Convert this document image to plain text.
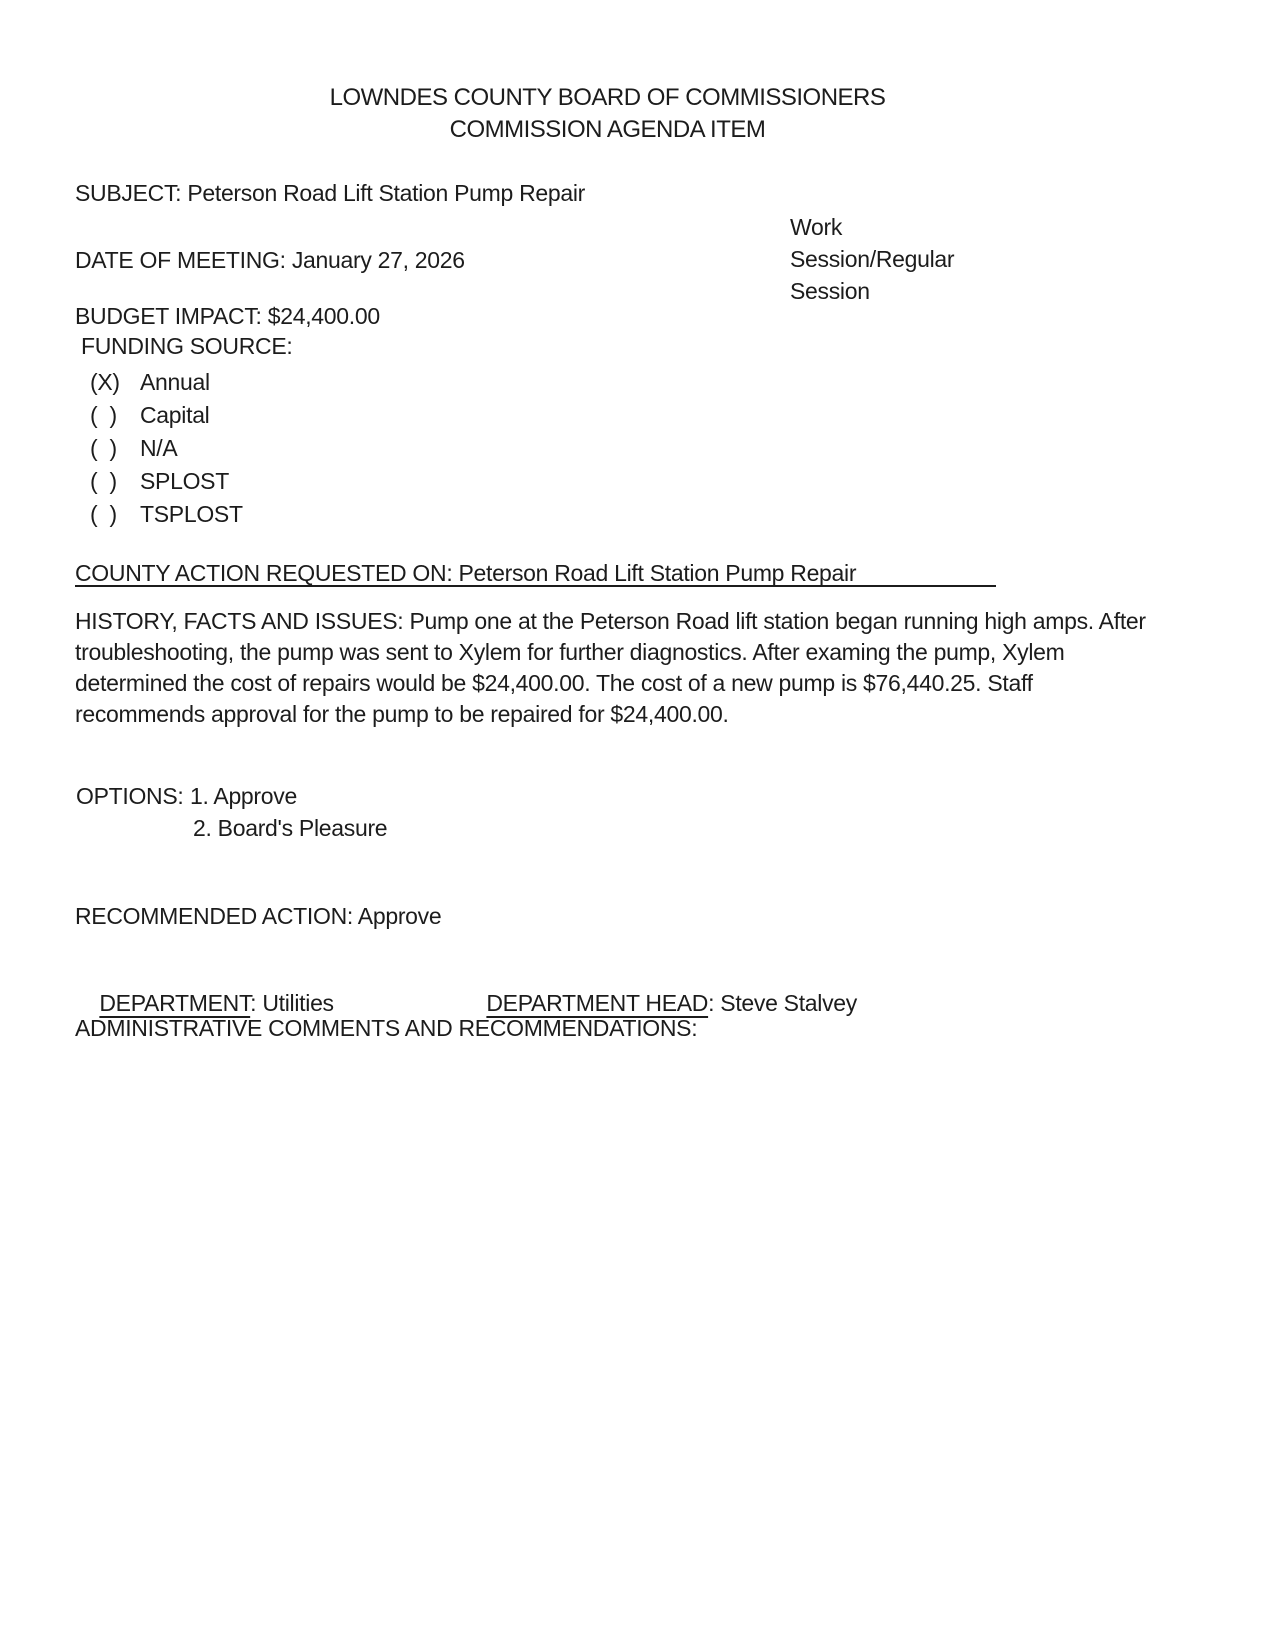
LOWNDES COUNTY BOARD OF COMMISSIONERS
COMMISSION AGENDA ITEM
SUBJECT: Peterson Road Lift Station Pump Repair
Work
Session/Regular
Session
DATE OF MEETING: January 27, 2026
BUDGET IMPACT: $24,400.00
FUNDING SOURCE:
(X) Annual
(  ) Capital
(  ) N/A
(  ) SPLOST
(  ) TSPLOST
COUNTY ACTION REQUESTED ON: Peterson Road Lift Station Pump Repair
HISTORY, FACTS AND ISSUES: Pump one at the Peterson Road lift station began running high amps. After
troubleshooting, the pump was sent to Xylem for further diagnostics. After examing the pump, Xylem
determined the cost of repairs would be $24,400.00. The cost of a new pump is $76,440.25. Staff
recommends approval for the pump to be repaired for $24,400.00.
OPTIONS: 1. Approve
2. Board's Pleasure
RECOMMENDED ACTION: Approve

DEPARTMENT: Utilities
	DEPARTMENT HEAD: Steve Stalvey

ADMINISTRATIVE COMMENTS AND RECOMMENDATIONS:
